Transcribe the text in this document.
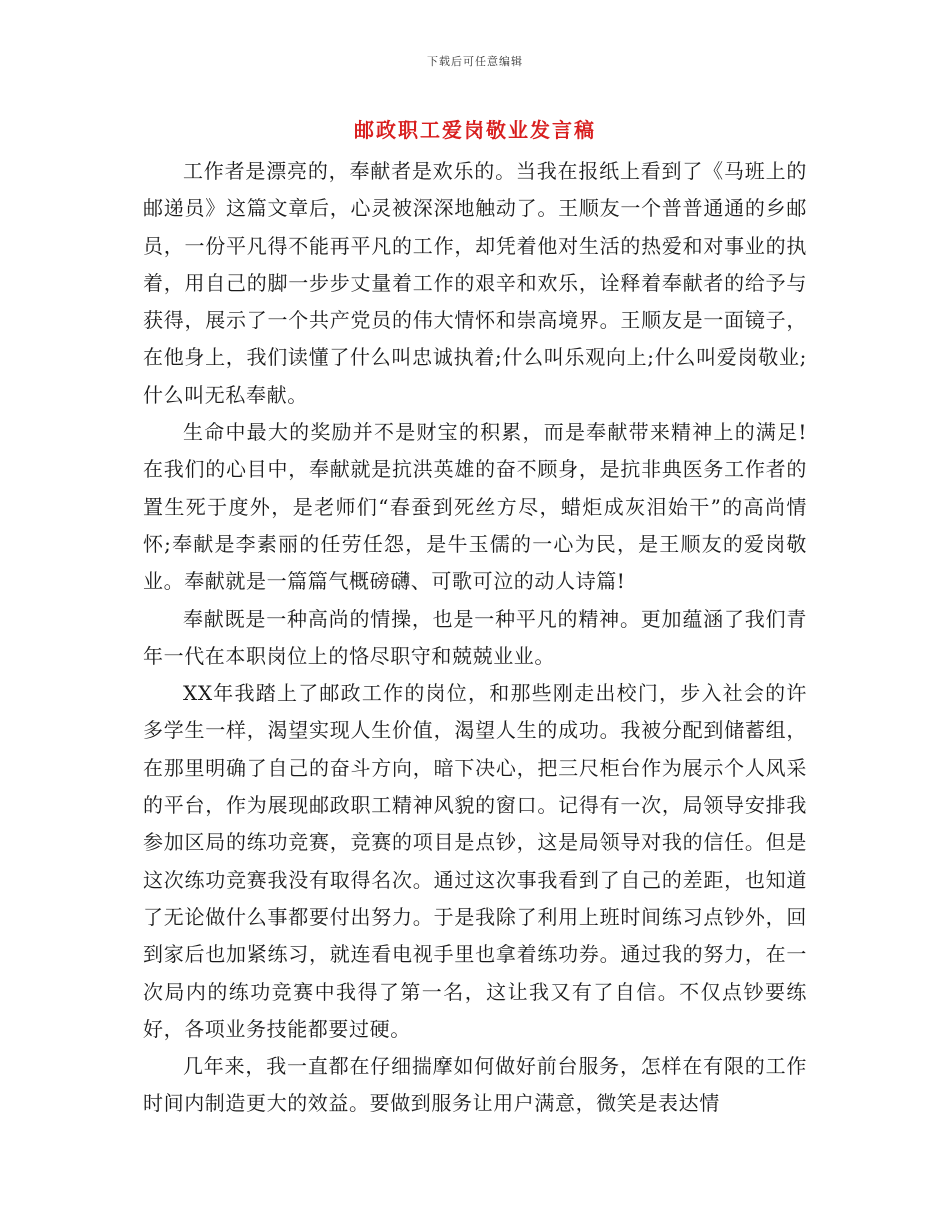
下载后可任意编辑
邮政职工爱岗敬业发言稿

工作者是漂亮的，奉献者是欢乐的。当我在报纸上看到了《马班上的邮递员》这篇文章后，心灵被深深地触动了。王顺友一个普普通通的乡邮员，一份平凡得不能再平凡的工作，却凭着他对生活的热爱和对事业的执着，用自己的脚一步步丈量着工作的艰辛和欢乐，诠释着奉献者的给予与获得，展示了一个共产党员的伟大情怀和崇高境界。王顺友是一面镜子，在他身上，我们读懂了什么叫忠诚执着;什么叫乐观向上;什么叫爱岗敬业;什么叫无私奉献。

生命中最大的奖励并不是财宝的积累，而是奉献带来精神上的满足!在我们的心目中，奉献就是抗洪英雄的奋不顾身，是抗非典医务工作者的置生死于度外，是老师们“春蚕到死丝方尽，蜡炬成灰泪始干”的高尚情怀;奉献是李素丽的任劳任怨，是牛玉儒的一心为民，是王顺友的爱岗敬业。奉献就是一篇篇气概磅礴、可歌可泣的动人诗篇!

奉献既是一种高尚的情操，也是一种平凡的精神。更加蕴涵了我们青年一代在本职岗位上的恪尽职守和兢兢业业。

XX年我踏上了邮政工作的岗位，和那些刚走出校门，步入社会的许多学生一样，渴望实现人生价值，渴望人生的成功。我被分配到储蓄组，在那里明确了自己的奋斗方向，暗下决心，把三尺柜台作为展示个人风采的平台，作为展现邮政职工精神风貌的窗口。记得有一次，局领导安排我参加区局的练功竞赛，竞赛的项目是点钞，这是局领导对我的信任。但是这次练功竞赛我没有取得名次。通过这次事我看到了自己的差距，也知道了无论做什么事都要付出努力。于是我除了利用上班时间练习点钞外，回到家后也加紧练习，就连看电视手里也拿着练功券。通过我的努力，在一次局内的练功竞赛中我得了第一名，这让我又有了自信。不仅点钞要练好，各项业务技能都要过硬。

几年来，我一直都在仔细揣摩如何做好前台服务，怎样在有限的工作时间内制造更大的效益。要做到服务让用户满意，微笑是表达情
